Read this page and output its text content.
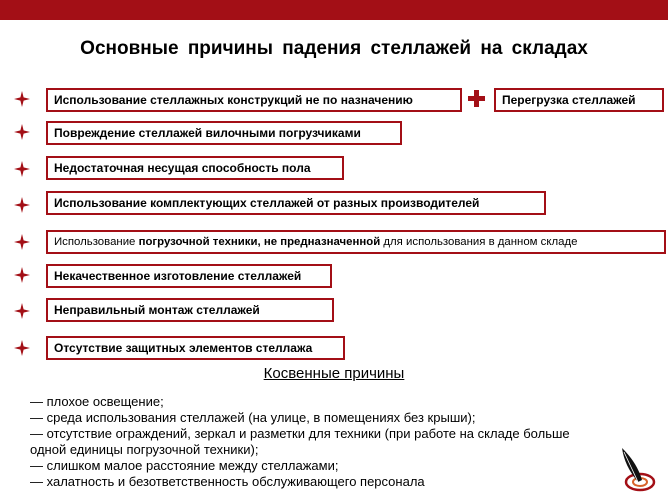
Основные причины падения стеллажей на складах
Использование стеллажных конструкций не по назначению
Повреждение стеллажей вилочными погрузчиками
Недостаточная несущая способность пола
Использование комплектующих стеллажей от разных производителей
Использование погрузочной техники, не предназначенной для использования в данном складе
Некачественное изготовление стеллажей
Неправильный монтаж стеллажей
Отсутствие защитных элементов стеллажа
Перегрузка стеллажей
Косвенные причины
— плохое освещение;
— среда использования стеллажей (на улице, в помещениях без крыши);
— отсутствие ограждений, зеркал и разметки для техники (при работе на складе больше
одной единицы погрузочной техники);
— слишком малое расстояние между стеллажами;
— халатность и безответственность обслуживающего персонала
